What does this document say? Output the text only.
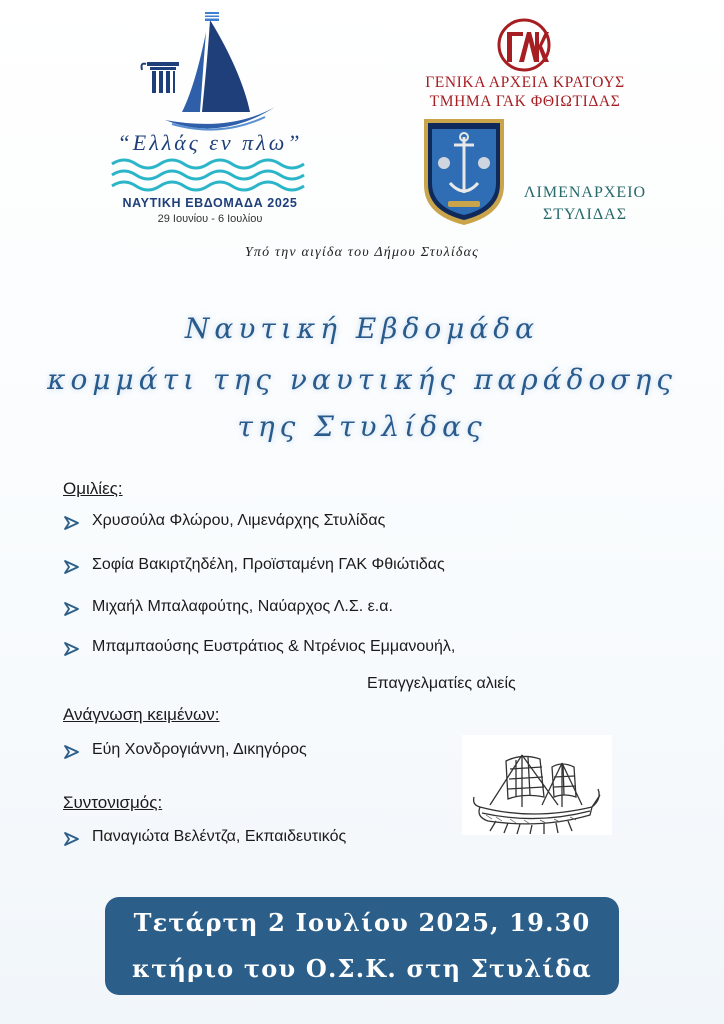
“Ελλάς εν πλω”
ΝΑΥΤΙΚΗ ΕΒΔΟΜΑΔΑ 2025
29 Ιουνίου - 6 Ιουλίου
ΓΕΝΙΚΑ ΑΡΧΕΙΑ ΚΡΑΤΟΥΣ
ΤΜΗΜΑ ΓΑΚ ΦΘΙΩΤΙΔΑΣ
ΛΙΜΕΝΑΡΧΕΙΟ
ΣΤΥΛΙΔΑΣ
Υπό την αιγίδα του Δήμου Στυλίδας
Ναυτική Εβδομάδα
κομμάτι της ναυτικής παράδοσης
της Στυλίδας
Ομιλίες:
Χρυσούλα Φλώρου, Λιμενάρχης Στυλίδας
Σοφία Βακιρτζηδέλη, Προϊσταμένη ΓΑΚ Φθιώτιδας
Μιχαήλ Μπαλαφούτης, Ναύαρχος Λ.Σ. ε.α.
Μπαμπαούσης Ευστράτιος & Ντρένιος Εμμανουήλ,
Επαγγελματίες αλιείς
Ανάγνωση κειμένων:
Εύη Χονδρογιάννη, Δικηγόρος
Συντονισμός:
Παναγιώτα Βελέντζα, Εκπαιδευτικός
Τετάρτη 2 Ιουλίου 2025, 19.30
κτήριο του Ο.Σ.Κ. στη Στυλίδα
